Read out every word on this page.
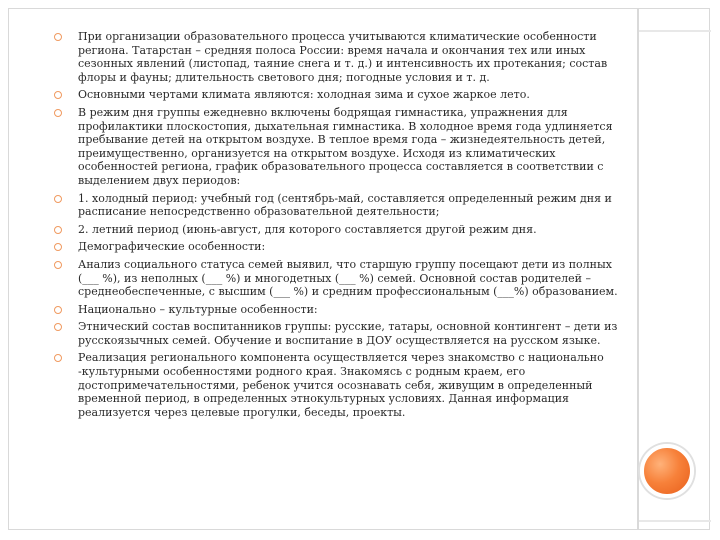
При организации образовательного процесса учитываются климатические особенности региона. Татарстан – средняя полоса России: время начала и окончания тех или иных сезонных явлений (листопад, таяние снега и т. д.) и интенсивность их протекания; состав флоры и фауны; длительность светового дня; погодные условия и т. д.
Основными чертами климата являются: холодная зима и сухое жаркое лето.
В режим дня группы ежедневно включены бодрящая гимнастика, упражнения для профилактики плоскостопия, дыхательная гимнастика. В холодное время года удлиняется пребывание детей на открытом воздухе. В теплое время года – жизнедеятельность детей, преимущественно, организуется на открытом воздухе. Исходя из климатических особенностей региона, график образовательного процесса составляется в соответствии с выделением двух периодов:
1. холодный период: учебный год (сентябрь-май, составляется определенный режим дня и расписание непосредственно образовательной деятельности;
2. летний период (июнь-август, для которого составляется другой режим дня.
Демографические особенности:
Анализ социального статуса семей выявил, что старшую группу посещают дети из полных (___ %), из неполных (___ %) и многодетных (___ %) семей. Основной состав родителей – среднеобеспеченные, с высшим (___ %) и средним профессиональным (___%) образованием.
Национально – культурные особенности:
Этнический состав воспитанников группы: русские, татары, основной контингент – дети из русскоязычных семей. Обучение и воспитание в ДОУ осуществляется на русском языке.
Реализация регионального компонента осуществляется через знакомство с национально -культурными особенностями родного края. Знакомясь с родным краем, его достопримечательностями, ребенок учится осознавать себя, живущим в определенный временной период, в определенных этнокультурных условиях. Данная информация реализуется через целевые прогулки, беседы, проекты.
